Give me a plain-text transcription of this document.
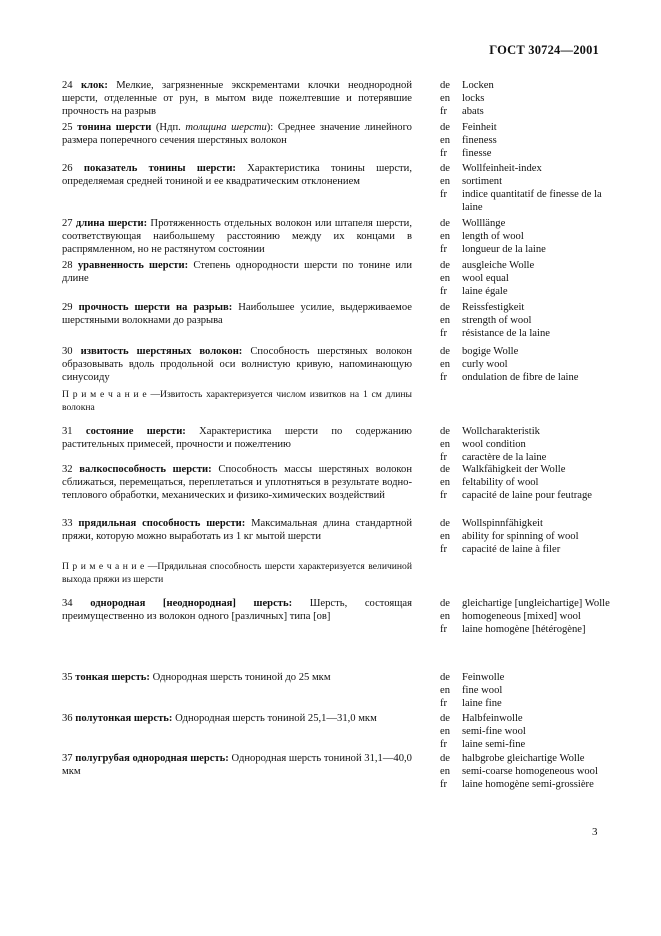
ГОСТ 30724—2001
24 клок: Мелкие, загрязненные экскрементами клочки неоднородной шерсти, отделенные от рун, в мытом виде пожелтевшие и потерявшие прочность на разрыв
de	Locken
en	locks
fr	abats
25 тонина шерсти (Ндп. толщина шерсти): Среднее значение линейного размера поперечного сечения шерстяных волокон
de	Feinheit
en	fineness
fr	finesse
26 показатель тонины шерсти: Характеристика тонины шерсти, определяемая средней тониной и ее квадратическим отклонением
de	Wollfeinheit-index
en	sortiment
fr	indice quantitatif de finesse de la laine
27 длина шерсти: Протяженность отдельных волокон или штапеля шерсти, соответствующая наибольшему расстоянию между их концами в распрямленном, но не растянутом состоянии
de	Wolllänge
en	length of wool
fr	longueur de la laine
28 уравненность шерсти: Степень однородности шерсти по тонине или длине
de	ausgleiche Wolle
en	wool equal
fr	laine égale
29 прочность шерсти на разрыв: Наибольшее усилие, выдерживаемое шерстяными волокнами до разрыва
de	Reissfestigkeit
en	strength of wool
fr	résistance de la laine
30 извитость шерстяных волокон: Способность шерстяных волокон образовывать вдоль продольной оси волнистую кривую, напоминающую синусоиду
П р и м е ч а н и е —Извитость характеризуется числом извитков на 1 см длины волокна
de	bogige Wolle
en	curly wool
fr	ondulation de fibre de laine
31 состояние шерсти: Характеристика шерсти по содержанию растительных примесей, прочности и пожелтению
de	Wollcharakteristik
en	wool condition
fr	caractère de la laine
32 валкоспособность шерсти: Способность массы шерстяных волокон сближаться, перемещаться, переплетаться и уплотняться в результате водно-теплового обработки, механических и физико-химических воздействий
de	Walkfähigkeit der Wolle
en	feltability of wool
fr	capacité de laine pour feutrage
33 прядильная способность шерсти: Максимальная длина стандартной пряжи, которую можно выработать из 1 кг мытой шерсти
П р и м е ч а н и е —Прядильная способность шерсти характеризуется величиной выхода пряжи из шерсти
de	Wollspinnfähigkeit
en	ability for spinning of wool
fr	capacité de laine à filer
34 однородная [неоднородная] шерсть: Шерсть, состоящая преимущественно из волокон одного [различных] типа [ов]
de	gleichartige [ungleichartige] Wolle
en	homogeneous [mixed] wool
fr	laine homogène [hétérogène]
35 тонкая шерсть: Однородная шерсть тониной до 25 мкм	de	Feinwolle
en	fine wool
fr	laine fine
36 полутонкая шерсть: Однородная шерсть тониной 25,1—31,0 мкм	de	Halbfeinwolle
en	semi-fine wool
fr	laine semi-fine
37 полугрубая однородная шерсть: Однородная шерсть тониной 31,1—40,0 мкм
de	halbgrobe gleichartige Wolle
en	semi-coarse homogeneous wool
fr	laine homogène semi-grossière
3
